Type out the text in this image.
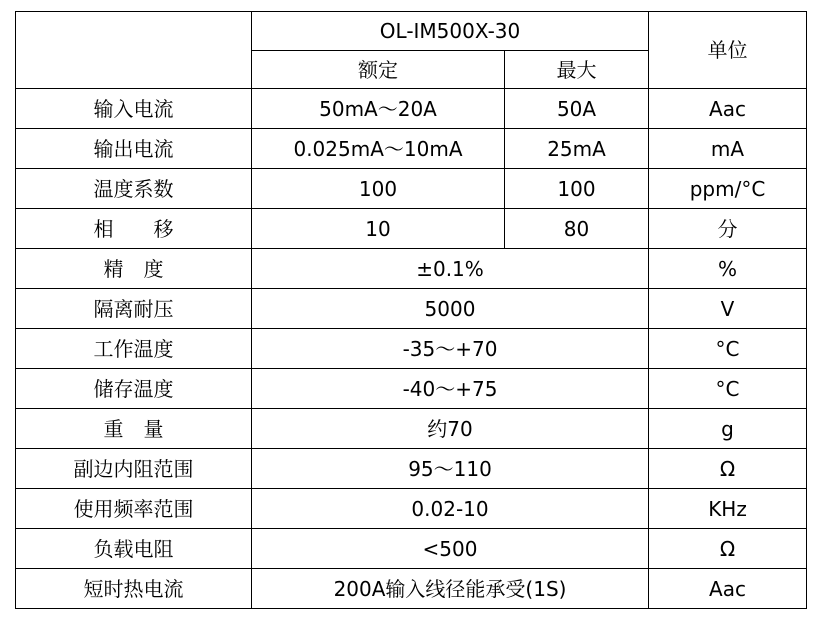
	OL-IM500X-30		单位
	额定	最大	
输入电流	50mA～20A	50A	Aac
输出电流	0.025mA～10mA	25mA	mA
温度系数	100	100	ppm/°C
相　　移	10	80	分
精　度	±0.1%		%
隔离耐压	5000		V
工作温度	-35～+70		°C
储存温度	-40～+75		°C
重　量	约70		g
副边内阻范围	95～110		Ω
使用频率范围	0.02-10		KHz
负载电阻	<500		Ω
短时热电流	200A输入线径能承受(1S)		Aac
